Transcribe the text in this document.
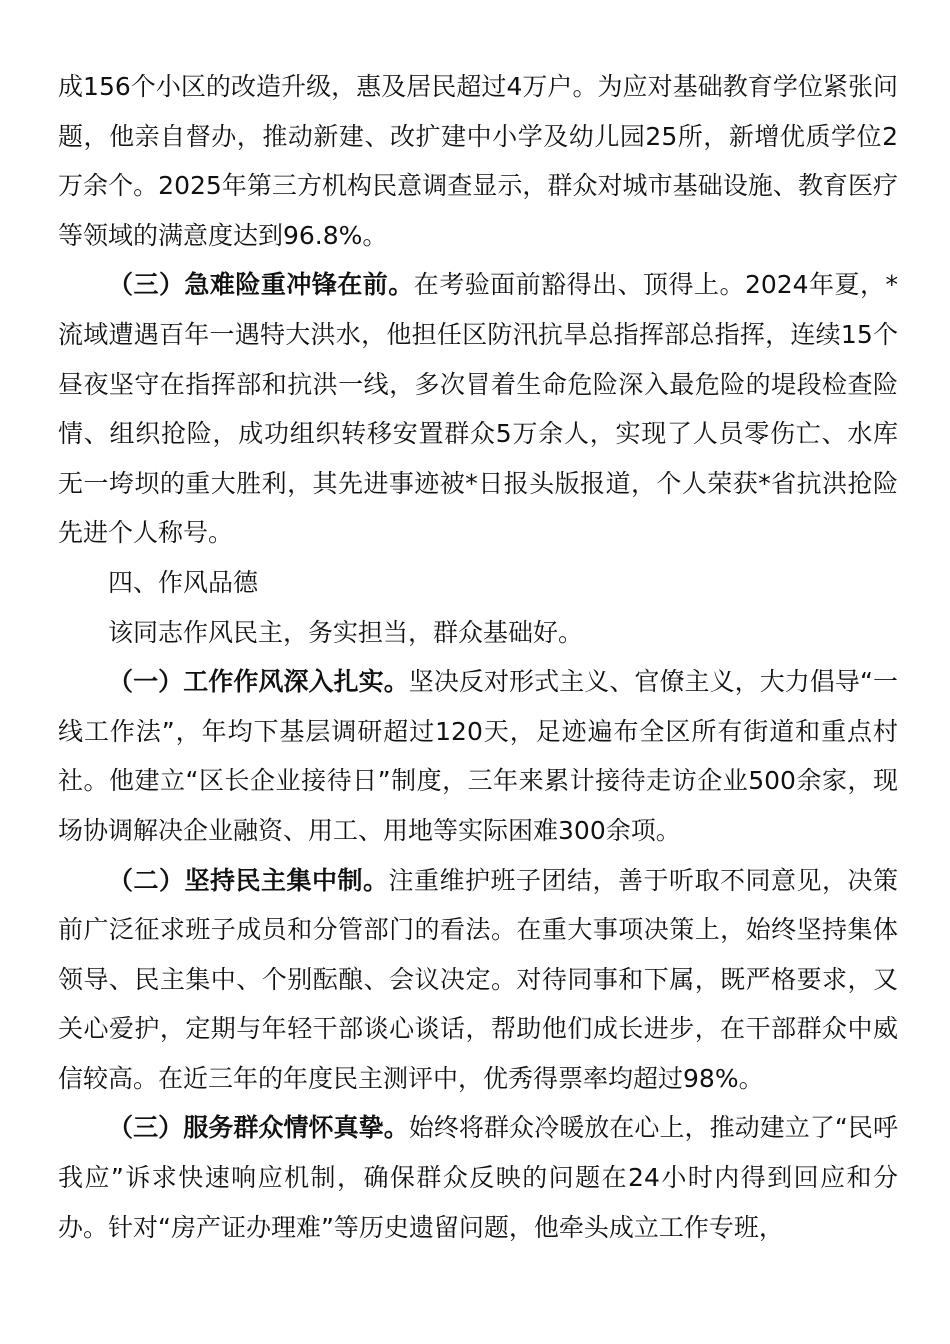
成156个小区的改造升级，惠及居民超过4万户。为应对基础教育学位紧张问题，他亲自督办，推动新建、改扩建中小学及幼儿园25所，新增优质学位2万余个。2025年第三方机构民意调查显示，群众对城市基础设施、教育医疗等领域的满意度达到96.8%。

（三）急难险重冲锋在前。在考验面前豁得出、顶得上。2024年夏，*流域遭遇百年一遇特大洪水，他担任区防汛抗旱总指挥部总指挥，连续15个昼夜坚守在指挥部和抗洪一线，多次冒着生命危险深入最危险的堤段检查险情、组织抢险，成功组织转移安置群众5万余人，实现了人员零伤亡、水库无一垮坝的重大胜利，其先进事迹被*日报头版报道，个人荣获*省抗洪抢险先进个人称号。

四、作风品德

该同志作风民主，务实担当，群众基础好。

（一）工作作风深入扎实。坚决反对形式主义、官僚主义，大力倡导“一线工作法”，年均下基层调研超过120天，足迹遍布全区所有街道和重点村社。他建立“区长企业接待日”制度，三年来累计接待走访企业500余家，现场协调解决企业融资、用工、用地等实际困难300余项。

（二）坚持民主集中制。注重维护班子团结，善于听取不同意见，决策前广泛征求班子成员和分管部门的看法。在重大事项决策上，始终坚持集体领导、民主集中、个别酝酿、会议决定。对待同事和下属，既严格要求，又关心爱护，定期与年轻干部谈心谈话，帮助他们成长进步，在干部群众中威信较高。在近三年的年度民主测评中，优秀得票率均超过98%。

（三）服务群众情怀真挚。始终将群众冷暖放在心上，推动建立了“民呼我应”诉求快速响应机制，确保群众反映的问题在24小时内得到回应和分办。针对“房产证办理难”等历史遗留问题，他牵头成立工作专班，
